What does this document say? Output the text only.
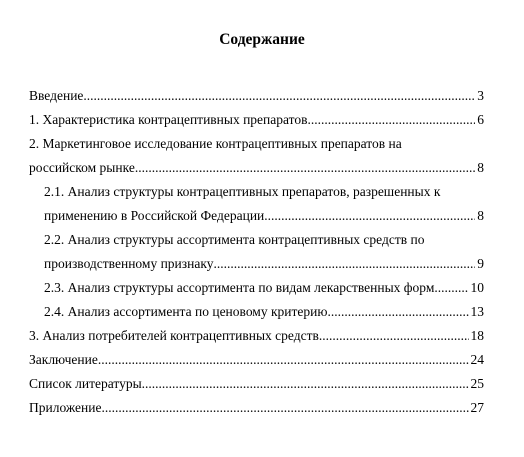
Содержание
Введение .....	3
1. Характеристика контрацептивных препаратов .....	6
2. Маркетинговое исследование контрацептивных препаратов на
российском рынке .....	8
2.1. Анализ структуры контрацептивных препаратов, разрешенных к
применению в Российской Федерации .....	8
2.2. Анализ структуры ассортимента контрацептивных средств по
производственному признаку .....	9
2.3. Анализ структуры ассортимента по видам лекарственных форм .....	10
2.4. Анализ ассортимента по ценовому критерию .....	13
3. Анализ потребителей контрацептивных средств .....	18
Заключение .....	24
Список литературы .....	25
Приложение .....	27
